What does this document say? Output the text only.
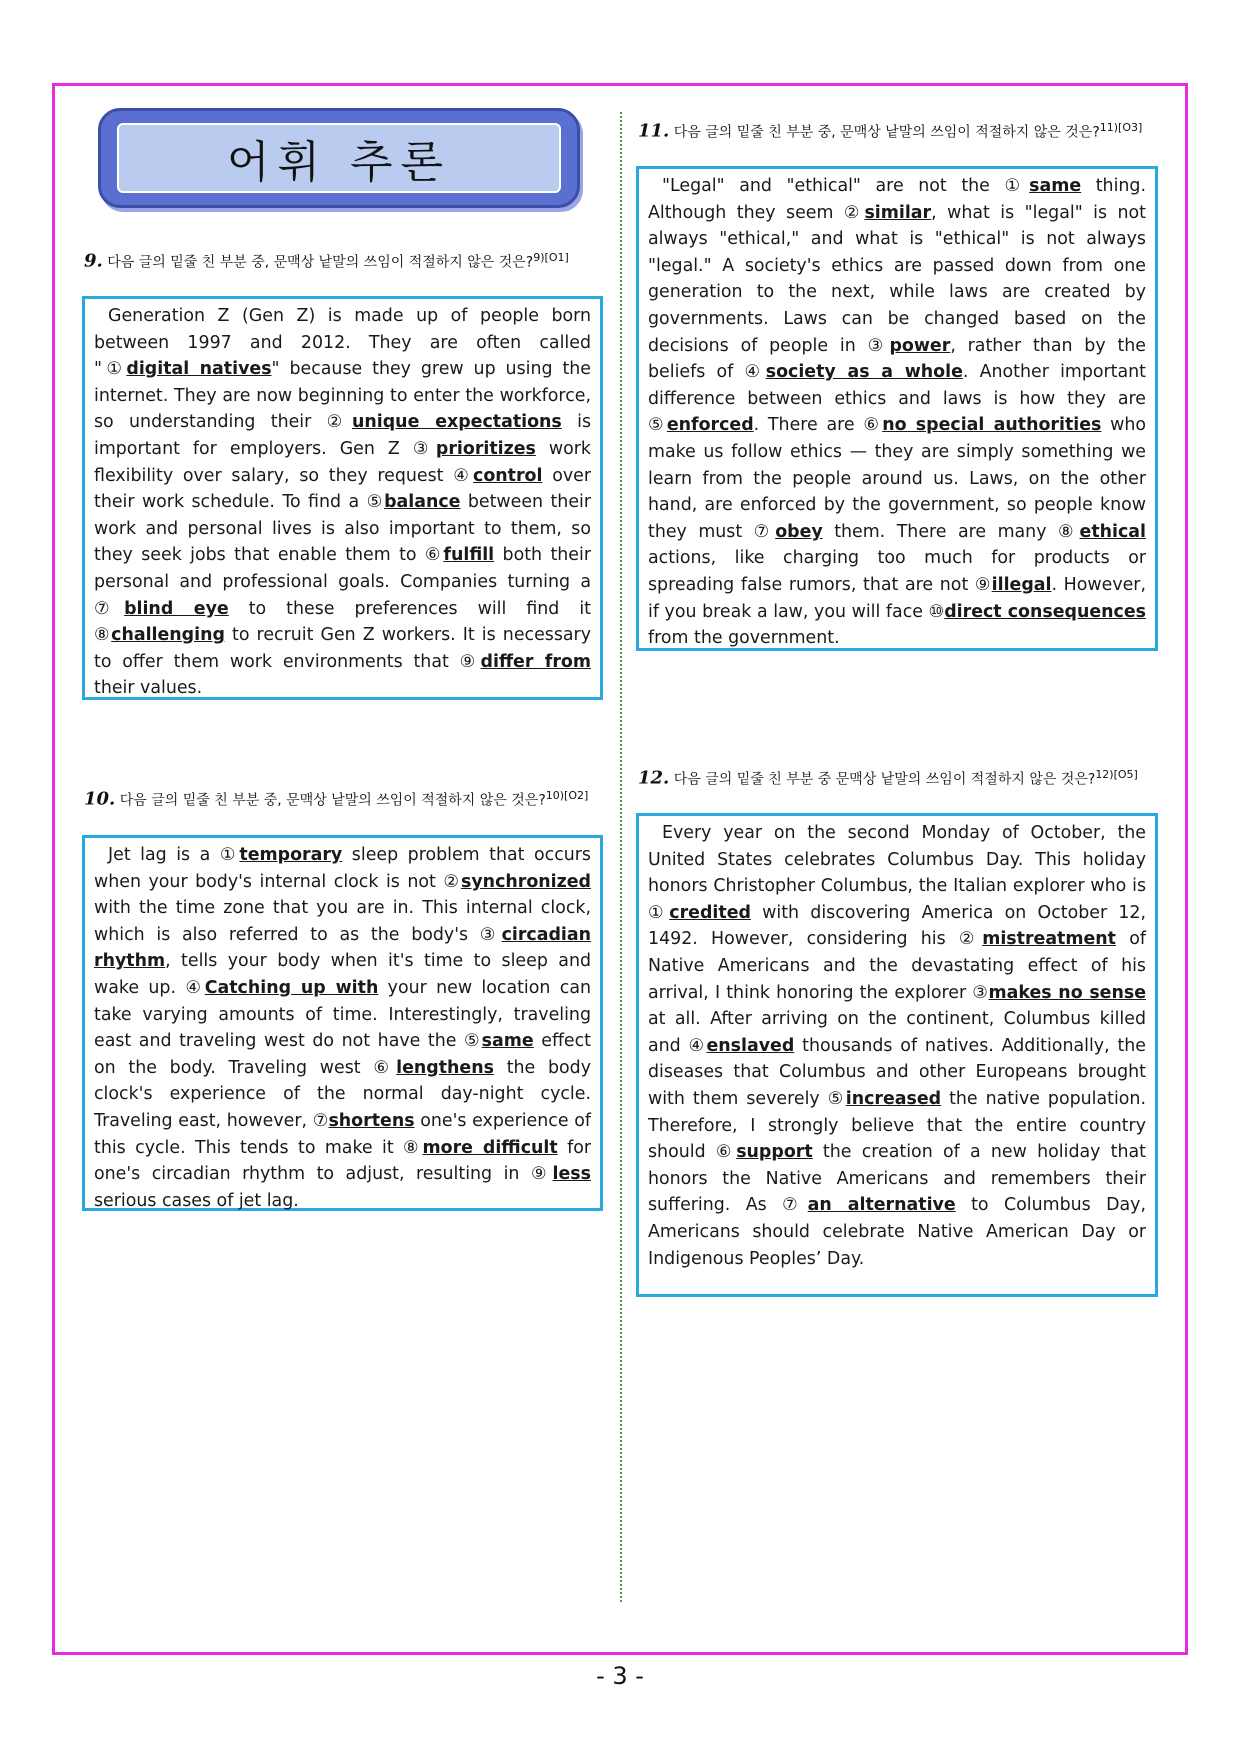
어휘 추론
9. 다음 글의 밑줄 친 부분 중, 문맥상 낱말의 쓰임이 적절하지 않은 것은?$^{9)[O1]}$

Generation Z (Gen Z) is made up of people born between 1997 and 2012. They are often called "①digital natives" because they grew up using the internet. They are now beginning to enter the workforce, so understanding their ②unique expectations is important for employers. Gen Z ③prioritizes work flexibility over salary, so they request ④control over their work schedule. To find a ⑤balance between their work and personal lives is also important to them, so they seek jobs that enable them to ⑥fulfill both their personal and professional goals. Companies turning a ⑦blind eye to these preferences will find it ⑧challenging to recruit Gen Z workers. It is necessary to offer them work environments that ⑨differ from their values.

10. 다음 글의 밑줄 친 부분 중, 문맥상 낱말의 쓰임이 적절하지 않은 것은?$^{10)[O2]}$

Jet lag is a ①temporary sleep problem that occurs when your body's internal clock is not ②synchronized with the time zone that you are in. This internal clock, which is also referred to as the body's ③circadian rhythm, tells your body when it's time to sleep and wake up. ④Catching up with your new location can take varying amounts of time. Interestingly, traveling east and traveling west do not have the ⑤same effect on the body. Traveling west ⑥lengthens the body clock's experience of the normal day-night cycle. Traveling east, however, ⑦shortens one's experience of this cycle. This tends to make it ⑧more difficult for one's circadian rhythm to adjust, resulting in ⑨less serious cases of jet lag.

11. 다음 글의 밑줄 친 부분 중, 문맥상 낱말의 쓰임이 적절하지 않은 것은?$^{11)[O3]}$

"Legal" and "ethical" are not the ①same thing. Although they seem ②similar, what is "legal" is not always "ethical," and what is "ethical" is not always "legal." A society's ethics are passed down from one generation to the next, while laws are created by governments. Laws can be changed based on the decisions of people in ③power, rather than by the beliefs of ④society as a whole. Another important difference between ethics and laws is how they are ⑤enforced. There are ⑥no special authorities who make us follow ethics — they are simply something we learn from the people around us. Laws, on the other hand, are enforced by the government, so people know they must ⑦obey them. There are many ⑧ethical actions, like charging too much for products or spreading false rumors, that are not ⑨illegal. However, if you break a law, you will face ⑩direct consequences from the government.

12. 다음 글의 밑줄 친 부분 중 문맥상 낱말의 쓰임이 적절하지 않은 것은?$^{12)[O5]}$

Every year on the second Monday of October, the United States celebrates Columbus Day. This holiday honors Christopher Columbus, the Italian explorer who is ①credited with discovering America on October 12, 1492. However, considering his ②mistreatment of Native Americans and the devastating effect of his arrival, I think honoring the explorer ③makes no sense at all. After arriving on the continent, Columbus killed and ④enslaved thousands of natives. Additionally, the diseases that Columbus and other Europeans brought with them severely ⑤increased the native population. Therefore, I strongly believe that the entire country should ⑥support the creation of a new holiday that honors the Native Americans and remembers their suffering. As ⑦an alternative to Columbus Day, Americans should celebrate Native American Day or Indigenous Peoples’ Day.

- 3 -
